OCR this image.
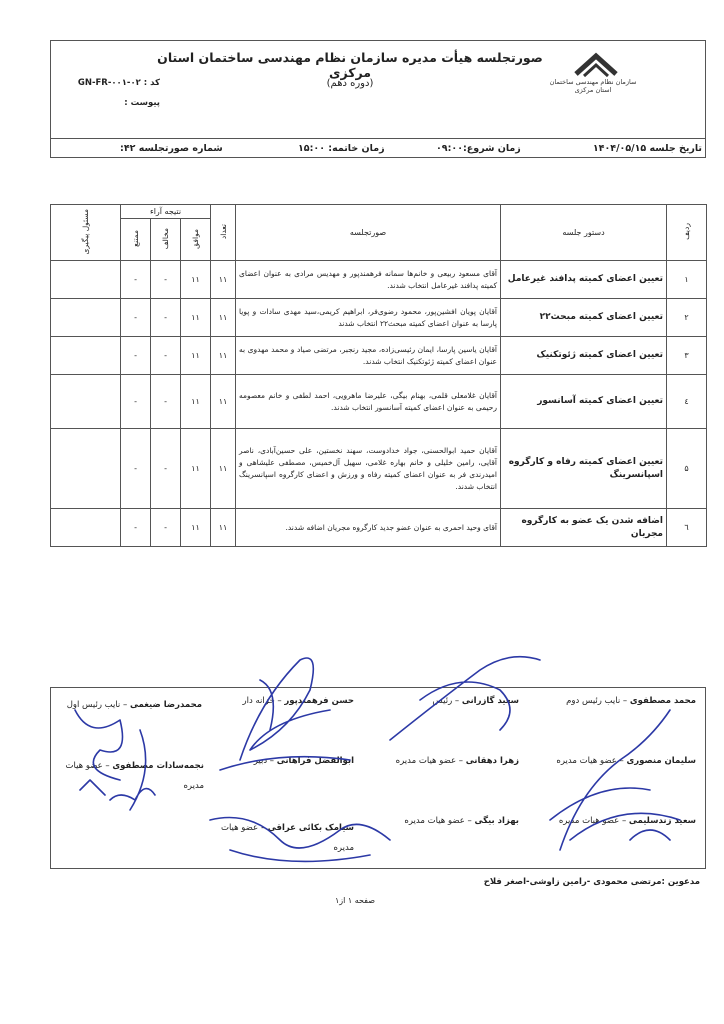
سازمان نظام مهندسی ساختمان استان مرکزی
صورتجلسه هیأت مدیره سازمان نظام مهندسی ساختمان استان مرکزی
(دوره دهم)
کد : GN-FR-۰۰۱-۰۲
پیوست :
تاریخ جلسه ۱۴۰۴/۰۵/۱۵
زمان شروع:۰۹:۰۰
زمان خاتمه: ۱۵:۰۰
شماره صورتجلسه ۴۲:
ردیف	دستور جلسه	صورتجلسه	تعداد	نتیجه آراء			مسئول پیگیری
				موافق	مخالف	ممتنع	
۱	تعیین اعضای کمیته پدافند غیرعامل	آقای مسعود ربیعی و خانم‌ها سمانه فرهمندپور و مهدیس مرادی به عنوان اعضای کمیته پدافند غیرعامل انتخاب شدند.	۱۱	۱۱	-	-	
۲	تعیین اعضای کمیته مبحث۲۲	آقایان پویان افشین‌پور، محمود رضوی‌فر، ابراهیم کریمی،سید مهدی سادات و پویا پارسا به عنوان اعضای کمیته مبحث۲۲ انتخاب شدند	۱۱	۱۱	-	-	
۳	تعیین اعضای کمیته ژئوتکنیک	آقایان یاسین پارسا، ایمان رئیسی‌زاده، مجید رنجبر، مرتضی صیاد و محمد مهدوی به عنوان اعضای کمیته ژئوتکنیک انتخاب شدند.	۱۱	۱۱	-	-	
٤	تعیین اعضای کمیته آسانسور	آقایان غلامعلی قلمی، بهنام بیگی، علیرضا ماهرویی، احمد لطفی و خانم معصومه رحیمی به عنوان اعضای کمیته آسانسور انتخاب شدند.	۱۱	۱۱	-	-	
۵	تعیین اعضای کمیته رفاه و کارگروه اسپانسرینگ	آقایان حمید ابوالحسنی، جواد خدادوست، سهند نخستین، علی حسین‌آبادی، ناصر آقایی، رامین خلیلی و خانم بهاره غلامی، سهیل آل‌خمیس، مصطفی علیشاهی و امیدرندی فر به عنوان اعضای کمیته رفاه و ورزش و اعضای کارگروه اسپانسرینگ انتخاب شدند.	۱۱	۱۱	-	-	
٦	اضافه شدن یک عضو به کارگروه مجریان	آقای وحید احمری به عنوان عضو جدید کارگروه مجریان اضافه شدند.	۱۱	۱۱	-	-	
محمد مصطفوی – نایب رئیس دوم
سعید گازرانی – رئیس
حسن فرهمندپور – خزانه دار
محمدرضا ضیغمی – نایب رئیس اول
سلیمان منصوری – عضو هیات مدیره
زهرا دهقانی – عضو هیات مدیره
ابوالفضل فراهانی – دبیر
نجمه‌سادات مصطفوی – عضو هیات مدیره
سعید زندسلیمی – عضو هیات مدیره
بهزاد بیگی – عضو هیات مدیره
سیامک بکائی عراقی – عضو هیات مدیره
مدعوین :مرتضی محمودی -رامین زاوشی-اصغر فلاح
صفحه ۱ از۱
